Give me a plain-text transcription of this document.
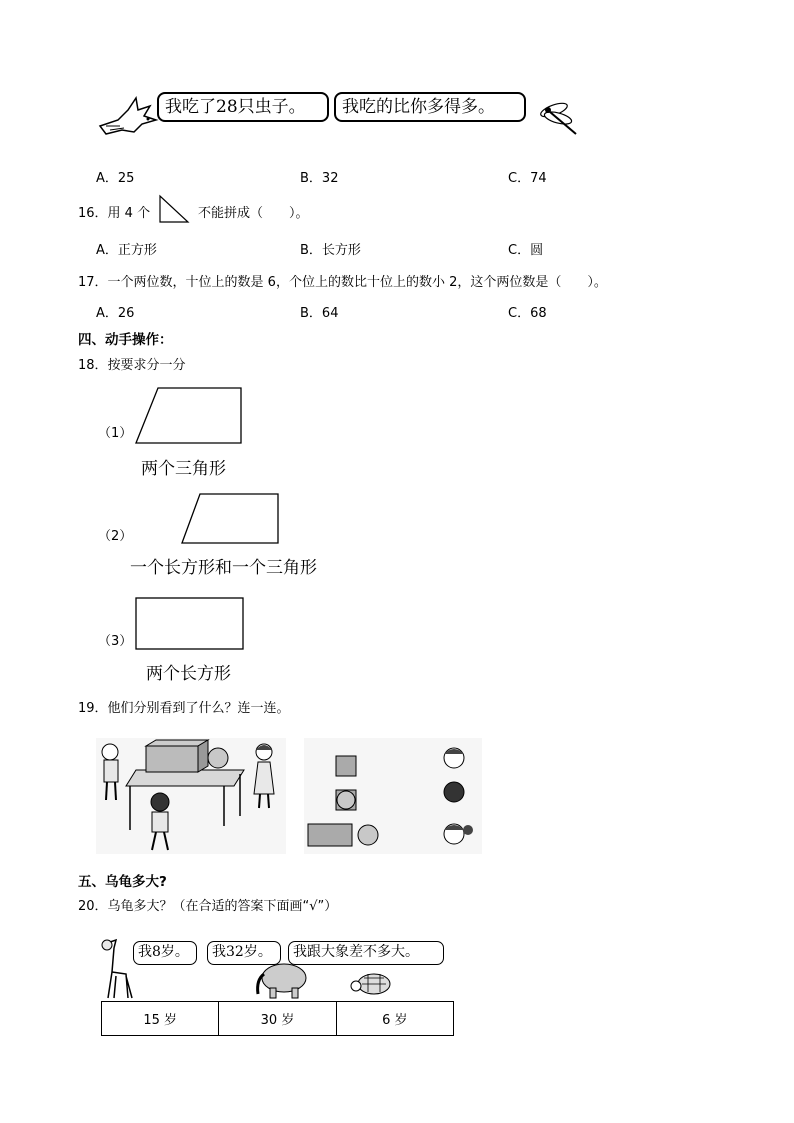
我吃了28只虫子。	我吃的比你多得多。
A．25	B．32	C．74
16．用 4 个	不能拼成（　　）。
A．正方形	B．长方形	C．圆
17．一个两位数，十位上的数是 6，个位上的数比十位上的数小 2，这个两位数是（　　）。
A．26	B．64	C．68
四、动手操作：
18．按要求分一分
（1）
两个三角形
（2）
一个长方形和一个三角形
（3）
两个长方形
19．他们分别看到了什么？连一连。
五、乌龟多大?
20．乌龟多大？（在合适的答案下面画“√”）
我8岁。	我32岁。	我跟大象差不多大。
15 岁	30 岁	6 岁
